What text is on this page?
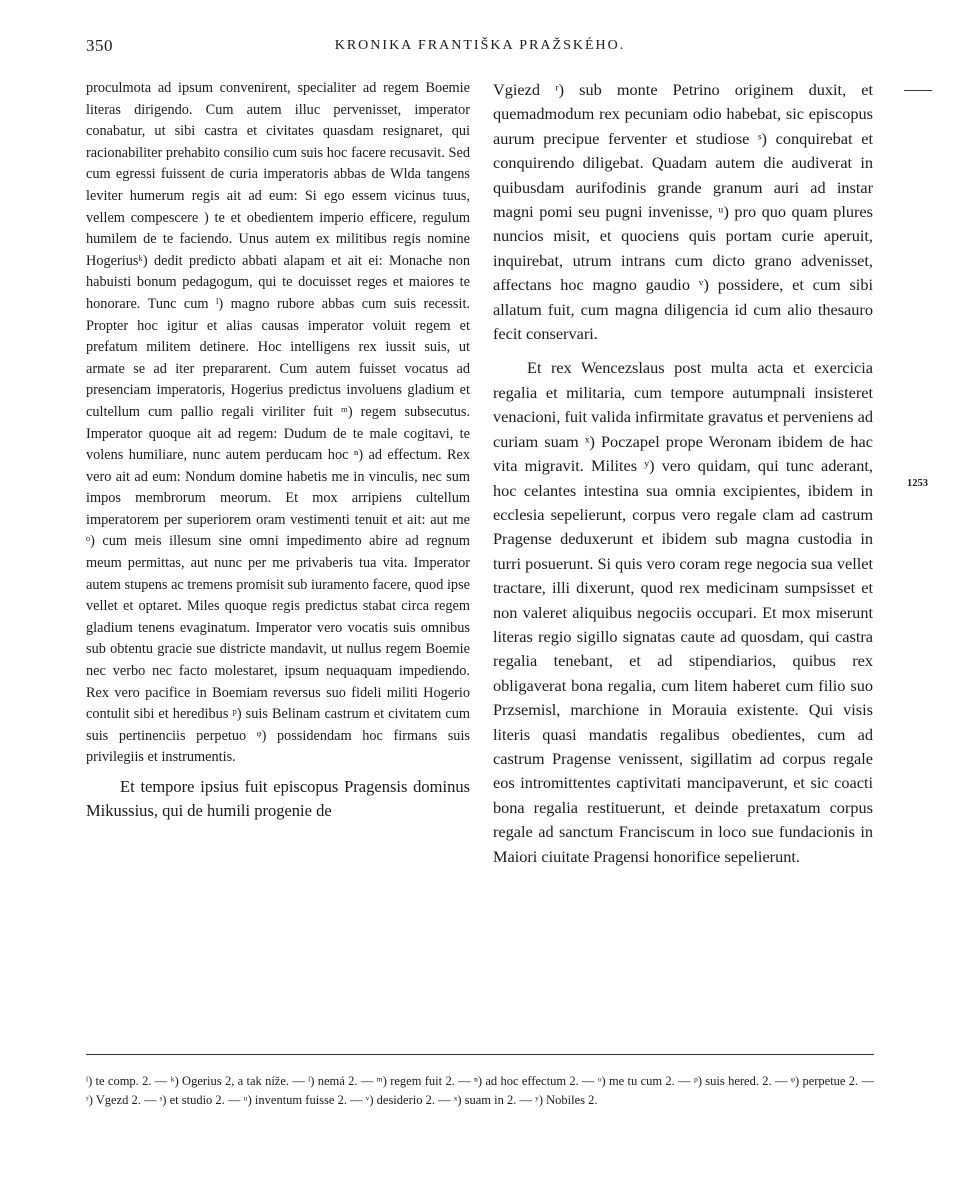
350	KRONIKA FRANTIŠKA PRAŽSKÉHO.

proculmota ad ipsum convenirent, specialiter ad regem Boemie literas dirigendo. Cum autem illuc pervenisset, imperator conabatur, ut sibi castra et civitates quasdam resignaret, qui racionabiliter prehabito consilio cum suis hoc facere recusavit. Sed cum egressi fuissent de curia imperatoris abbas de Wlda tangens leviter humerum regis ait ad eum: Si ego essem vicinus tuus, vellem compescere ) te et obedientem imperio efficere, regulum humilem de te faciendo. Unus autem ex militibus regis nomine Hogeriusᵏ) dedit predicto abbati alapam et ait ei: Monache non habuisti bonum pedagogum, qui te docuisset reges et maiores te honorare. Tunc cum ˡ) magno rubore abbas cum suis recessit. Propter hoc igitur et alias causas imperator voluit regem et prefatum militem detinere. Hoc intelligens rex iussit suis, ut armate se ad iter prepararent. Cum autem fuisset vocatus ad presenciam imperatoris, Hogerius predictus involuens gladium et cultellum cum pallio regali viriliter fuit ᵐ) regem subsecutus. Imperator quoque ait ad regem: Dudum de te male cogitavi, te volens humiliare, nunc autem perducam hoc ⁿ) ad effectum. Rex vero ait ad eum: Nondum domine habetis me in vinculis, nec sum impos membrorum meorum. Et mox arripiens cultellum imperatorem per superiorem oram vestimenti tenuit et ait: aut me ᵒ) cum meis illesum sine omni impedimento abire ad regnum meum permittas, aut nunc per me privaberis tua vita. Imperator autem stupens ac tremens promisit sub iuramento facere, quod ipse vellet et optaret. Miles quoque regis predictus stabat circa regem gladium tenens evaginatum. Imperator vero vocatis suis omnibus sub obtentu gracie sue districte mandavit, ut nullus regem Boemie nec verbo nec facto molestaret, ipsum nequaquam impediendo. Rex vero pacifice in Boemiam reversus suo fideli militi Hogerio contulit sibi et heredibus ᵖ) suis Belinam castrum et civitatem cum suis pertinenciis perpetuo ᵠ) possidendam hoc firmans suis privilegiis et instrumentis.

Et tempore ipsius fuit episcopus Pragensis dominus Mikussius, qui de humili progenie de

Vgiezd ʳ) sub monte Petrino originem duxit, et quemadmodum rex pecuniam odio habebat, sic episcopus aurum precipue ferventer et studiose ˢ) conquirebat et conquirendo diligebat. Quadam autem die audiverat in quibusdam aurifodinis grande granum auri ad instar magni pomi seu pugni invenisse, ᵘ) pro quo quam plures nuncios misit, et quociens quis portam curie aperuit, inquirebat, utrum intrans cum dicto grano advenisset, affectans hoc magno gaudio ᵛ) possidere, et cum sibi allatum fuit, cum magna diligencia id cum alio thesauro fecit conservari.

Et rex Wencezslaus post multa acta et exercicia regalia et militaria, cum tempore autumpnali insisteret venacioni, fuit valida infirmitate gravatus et perveniens ad curiam suam ˣ) Poczapel prope Weronam ibidem de hac vita migravit. Milites ʸ) vero quidam, qui tunc aderant, hoc celantes intestina sua omnia excipientes, ibidem in ecclesia sepelierunt, corpus vero regale clam ad castrum Pragense deduxerunt et ibidem sub magna custodia in turri posuerunt. Si quis vero coram rege negocia sua vellet tractare, illi dixerunt, quod rex medicinam sumpsisset et non valeret aliquibus negociis occupari. Et mox miserunt literas regio sigillo signatas caute ad quosdam, qui castra regalia tenebant, et ad stipendiarios, quibus rex obligaverat bona regalia, cum litem haberet cum filio suo Przsemisl, marchione in Morauia existente. Qui visis literis quasi mandatis regalibus obedientes, cum ad castrum Pragense venissent, sigillatim ad corpus regale eos intromittentes captivitati mancipaverunt, et sic coacti bona regalia restituerunt, et deinde pretaxatum corpus regale ad sanctum Franciscum in loco sue fundacionis in Maiori ciuitate Pragensi honorifice sepelierunt.

1253

ˡ) te comp. 2. — ᵏ) Ogerius 2, a tak níže. — ˡ) nemá 2. — ᵐ) regem fuit 2. — ⁿ) ad hoc effectum 2. — ᵒ) me tu cum 2. — ᵖ) suis hered. 2. — ᵠ) perpetue 2. — ʳ) Vgezd 2. — ˢ) et studio 2. — ᵘ) inventum fuisse 2. — ᵛ) desiderio 2. — ˣ) suam in 2. — ʸ) Nobiles 2.
